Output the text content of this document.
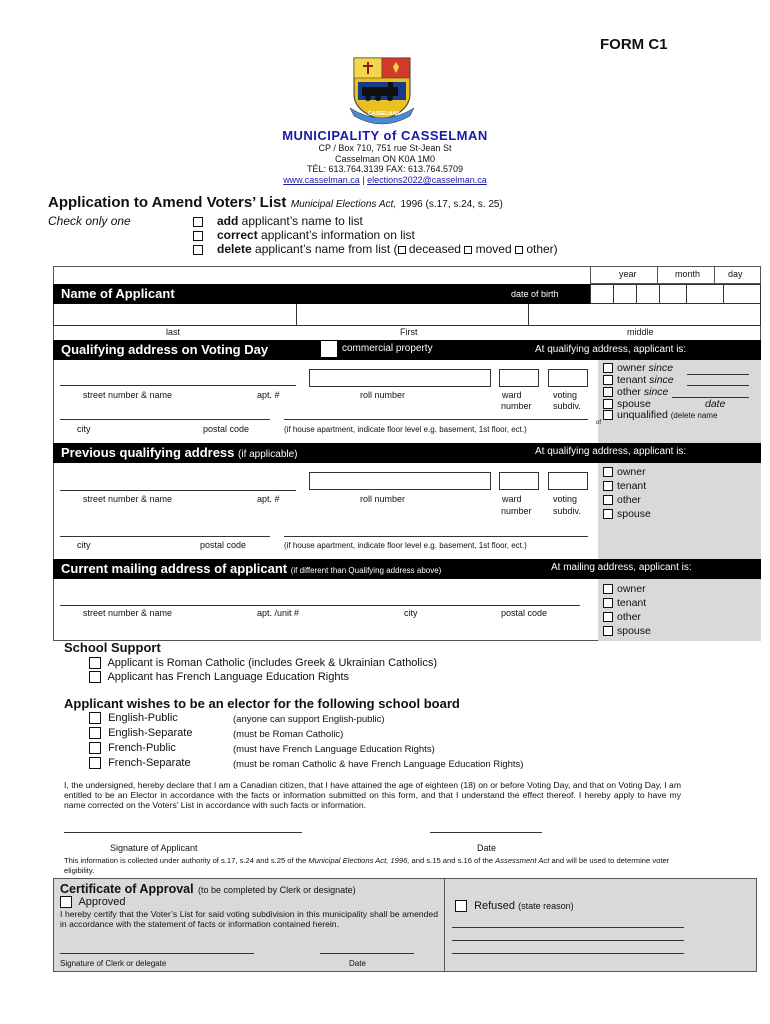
FORM C1
CASSELMAN
MUNICIPALITY of CASSELMAN
CP / Box 710, 751 rue St-Jean St
Casselman ON K0A 1M0
TÉL: 613.764.3139 FAX: 613.764.5709
www.casselman.ca | elections2022@casselman.ca
Application to Amend Voters’ List Municipal Elections Act, 1996 (s.17, s.24, s. 25)
Check only one	add applicant’s name to list
correct applicant’s information on list
delete applicant’s name from list ( deceased moved other)
year	month	day
Name of Applicant	date of birth
last	First	middle
Qualifying address on Voting Day	commercial property	At qualifying address, applicant is:
owner since
tenant since
other since
spouse	date
unqualified (delete name
of
street number & name	apt. #	roll number	ward
number
voting
subdiv.
city	postal code	(if house apartment, indicate floor level e.g. basement, 1st floor, ect.)
Previous qualifying address (if applicable)	At qualifying address, applicant is:
owner
tenant
other
spouse
street number & name	apt. #	roll number	ward
number
voting
subdiv.
city	postal code	(if house apartment, indicate floor level e.g. basement, 1st floor, ect.)
Current mailing address of applicant (if different than Qualifying address above)	At mailing address, applicant is:
owner
tenant
other
spouse
street number & name	apt. /unit #	city	postal code
School Support
Applicant is Roman Catholic (includes Greek & Ukrainian Catholics)
Applicant has French Language Education Rights
Applicant wishes to be an elector for the following school board
English-Public	(anyone can support English-public)
English-Separate	(must be Roman Catholic)
French-Public	(must have French Language Education Rights)
French-Separate	(must be roman Catholic & have French Language Education Rights)
I, the undersigned, hereby declare that I am a Canadian citizen, that I have attained the age of eighteen (18) on or before Voting Day, and that on Voting Day, I am entitled to be an Elector in accordance with the facts or information submitted on this form, and that I understand the effect thereof. I hereby apply to have my name corrected on the Voters’ List in accordance with such facts or information.
Signature of Applicant	Date
This information is collected under authority of s.17, s.24 and s.25 of the Municipal Elections Act, 1996, and s.15 and s.16 of the Assessment Act and will be used to determine voter eligibility.
Certificate of Approval (to be completed by Clerk or designate)
Approved
I hereby certify that the Voter’s List for said voting subdivision in this municipality shall be amended in accordance with the statement of facts or information contained herein.
Signature of Clerk or delegate	Date
Refused (state reason)
